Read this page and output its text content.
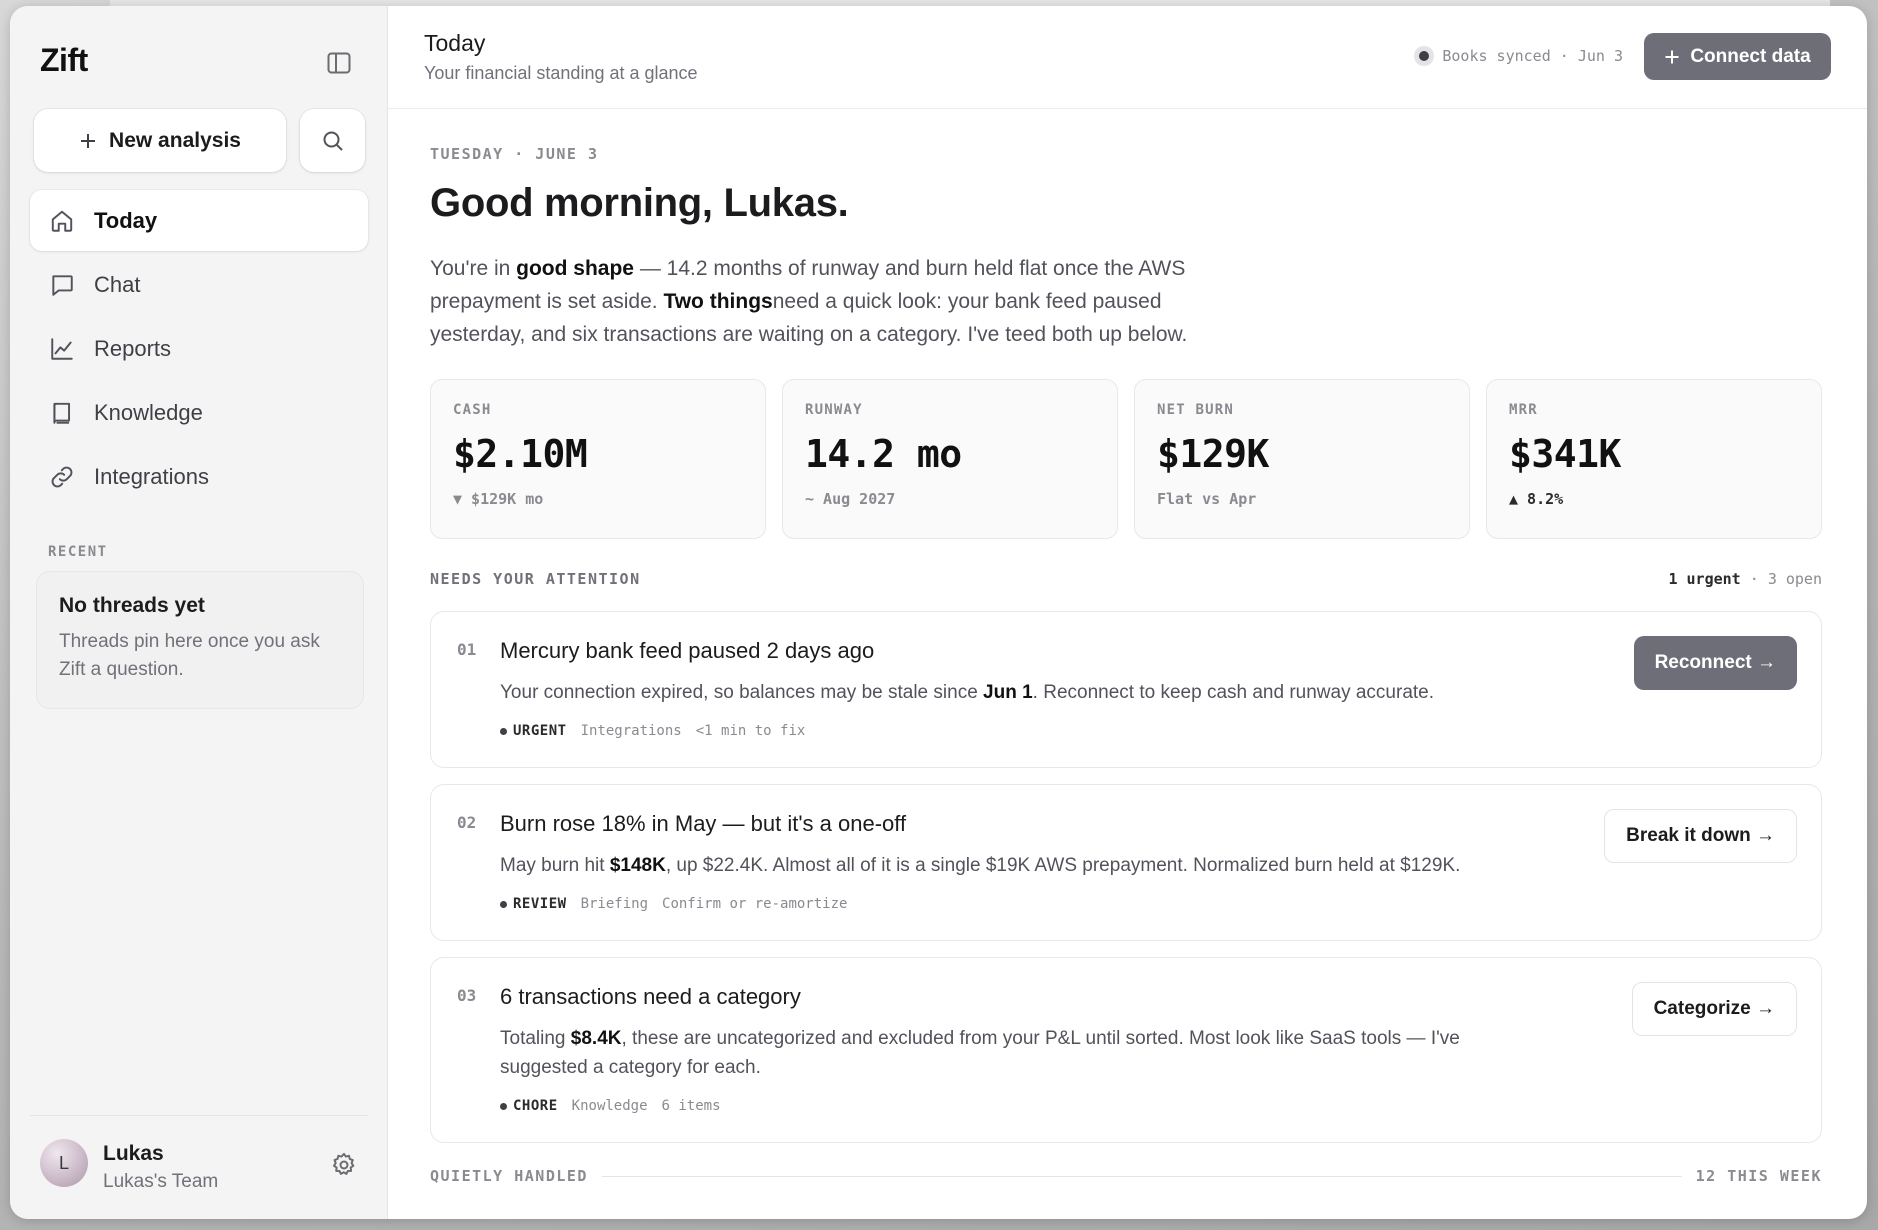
Zift
New analysis
Today
Chat
Reports
Knowledge
Integrations
RECENT
No threads yet
Threads pin here once you ask Zift a question.
L	Lukas
Lukas's Team
Today
Your financial standing at a glance
Books synced · Jun 3	Connect data
TUESDAY · JUNE 3
Good morning, Lukas.

You're in good shape — 14.2 months of runway and burn held flat once the AWS prepayment is set aside. Two thingsneed a quick look: your bank feed paused yesterday, and six transactions are waiting on a category. I've teed both up below.

CASH
$2.10M
▼ $129K mo
RUNWAY
14.2 mo
~ Aug 2027
NET BURN
$129K
Flat vs Apr
MRR
$341K
▲ 8.2%
NEEDS YOUR ATTENTION	1 urgent · 3 open
01 Mercury bank feed paused 2 days ago
Your connection expired, so balances may be stale since Jun 1. Reconnect to keep cash and runway accurate.
URGENT Integrations <1 min to fix
Reconnect →
02 Burn rose 18% in May — but it's a one-off
May burn hit $148K, up $22.4K. Almost all of it is a single $19K AWS prepayment. Normalized burn held at $129K.
REVIEW Briefing Confirm or re-amortize
Break it down →
03 6 transactions need a category
Totaling $8.4K, these are uncategorized and excluded from your P&L until sorted. Most look like SaaS tools — I've suggested a category for each.
CHORE Knowledge 6 items
Categorize →
QUIETLY HANDLED	12 THIS WEEK
